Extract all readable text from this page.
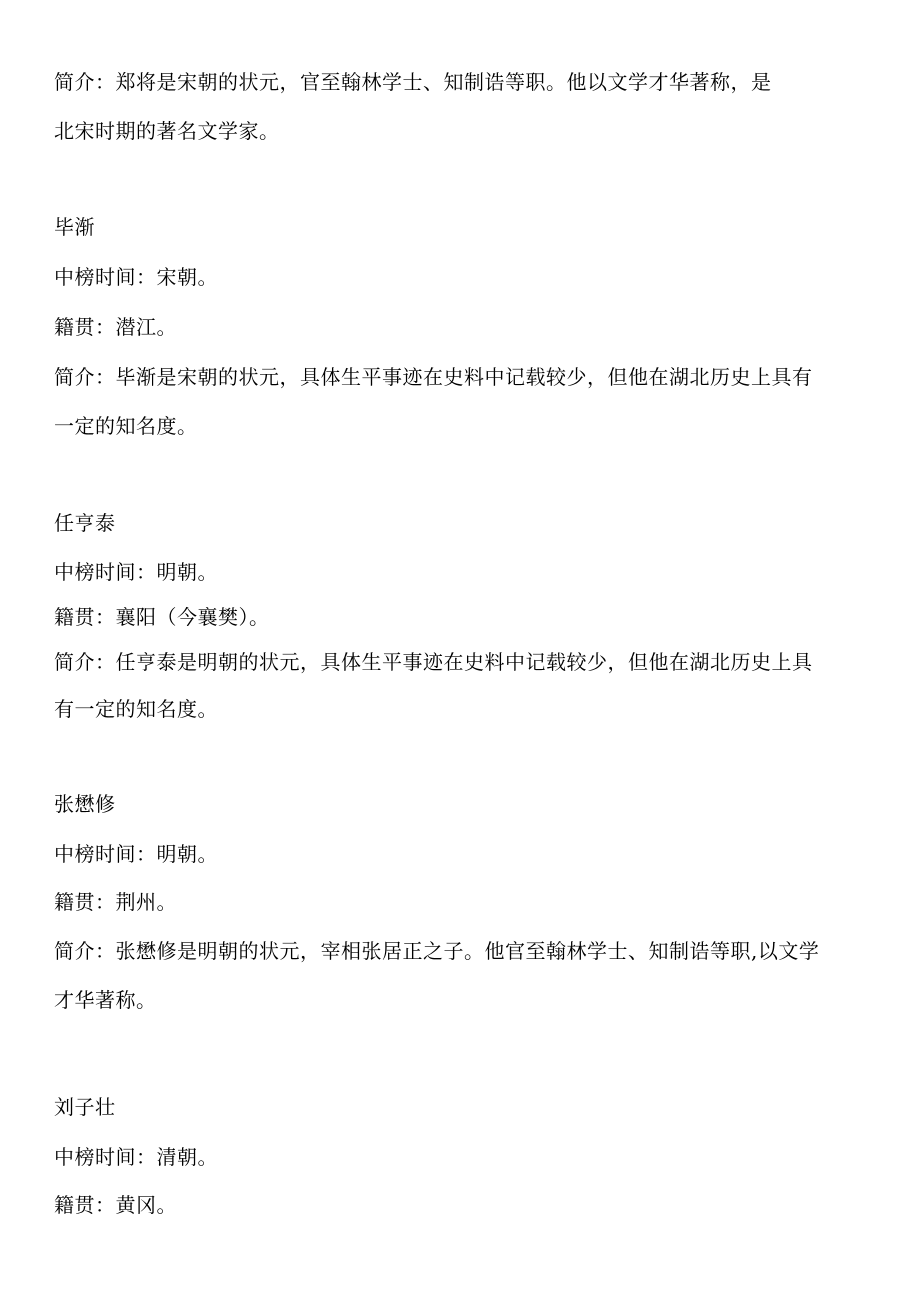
简介：郑将是宋朝的状元，官至翰林学士、知制诰等职。他以文学才华著称，是
北宋时期的著名文学家。
毕渐
中榜时间：宋朝。
籍贯：潜江。
简介：毕渐是宋朝的状元，具体生平事迹在史料中记载较少，但他在湖北历史上具有
一定的知名度。
任亨泰
中榜时间：明朝。
籍贯：襄阳（今襄樊）。
简介：任亨泰是明朝的状元，具体生平事迹在史料中记载较少，但他在湖北历史上具
有一定的知名度。
张懋修
中榜时间：明朝。
籍贯：荆州。
简介：张懋修是明朝的状元，宰相张居正之子。他官至翰林学士、知制诰等职,以文学
才华著称。
刘子壮
中榜时间：清朝。
籍贯：黄冈。
